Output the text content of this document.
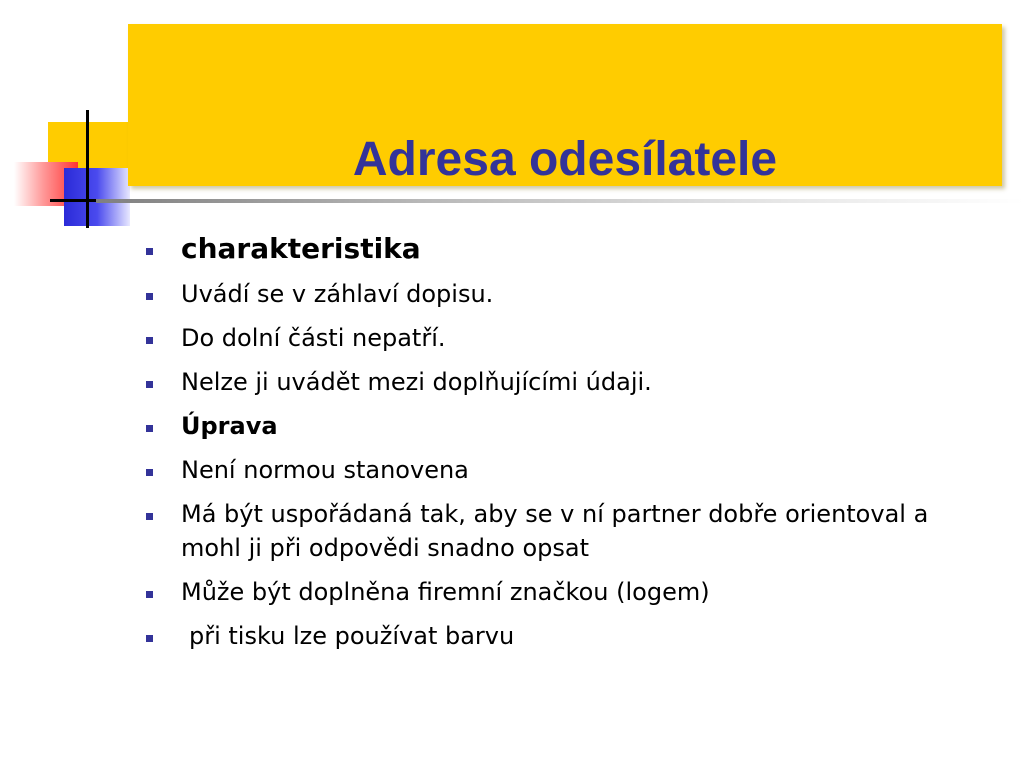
Adresa odesílatele
charakteristika
Uvádí se v záhlaví dopisu.
Do dolní části nepatří.
Nelze ji uvádět mezi doplňujícími údaji.
Úprava
Není normou stanovena
Má být uspořádaná tak, aby se v ní partner dobře orientoval a mohl ji při odpovědi snadno opsat
Může být doplněna firemní značkou (logem)
při tisku lze používat barvu
